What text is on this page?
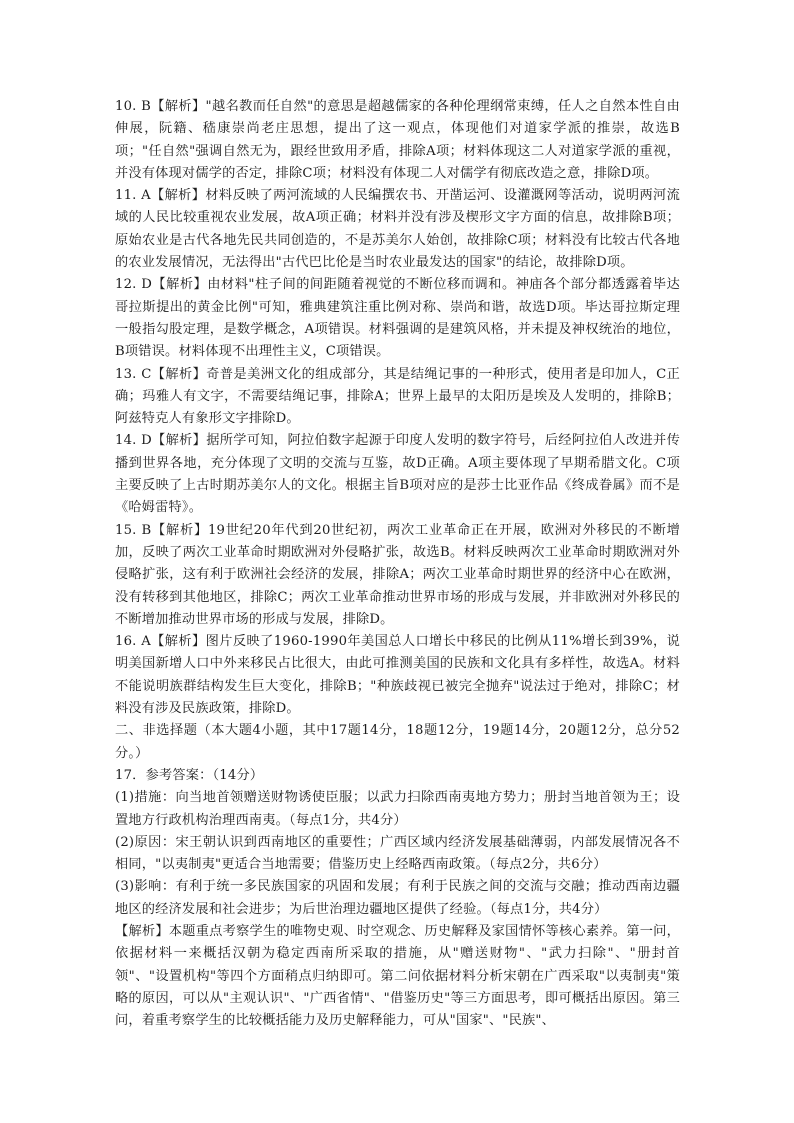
10. B【解析】"越名教而任自然"的意思是超越儒家的各种伦理纲常束缚，任人之自然本性自由伸展，阮籍、嵇康崇尚老庄思想，提出了这一观点，体现他们对道家学派的推崇，故选B项；"任自然"强调自然无为，跟经世致用矛盾，排除A项；材料体现这二人对道家学派的重视，并没有体现对儒学的否定，排除C项；材料没有体现二人对儒学有彻底改造之意，排除D项。

11. A【解析】材料反映了两河流域的人民编撰农书、开凿运河、设灌溉网等活动，说明两河流域的人民比较重视农业发展，故A项正确；材料并没有涉及楔形文字方面的信息，故排除B项；原始农业是古代各地先民共同创造的，不是苏美尔人始创，故排除C项；材料没有比较古代各地的农业发展情况，无法得出"古代巴比伦是当时农业最发达的国家"的结论，故排除D项。

12. D【解析】由材料"柱子间的间距随着视觉的不断位移而调和。神庙各个部分都透露着毕达哥拉斯提出的黄金比例"可知，雅典建筑注重比例对称、崇尚和谐，故选D项。毕达哥拉斯定理一般指勾股定理，是数学概念，A项错误。材料强调的是建筑风格，并未提及神权统治的地位，B项错误。材料体现不出理性主义，C项错误。

13. C【解析】奇普是美洲文化的组成部分，其是结绳记事的一种形式，使用者是印加人，C正确；玛雅人有文字，不需要结绳记事，排除A；世界上最早的太阳历是埃及人发明的，排除B；阿兹特克人有象形文字排除D。

14. D【解析】据所学可知，阿拉伯数字起源于印度人发明的数字符号，后经阿拉伯人改进并传播到世界各地，充分体现了文明的交流与互鉴，故D正确。A项主要体现了早期希腊文化。C项主要反映了上古时期苏美尔人的文化。根据主旨B项对应的是莎士比亚作品《终成眷属》而不是《哈姆雷特》。

15. B【解析】19世纪20年代到20世纪初，两次工业革命正在开展，欧洲对外移民的不断增加，反映了两次工业革命时期欧洲对外侵略扩张，故选B。材料反映两次工业革命时期欧洲对外侵略扩张，这有利于欧洲社会经济的发展，排除A；两次工业革命时期世界的经济中心在欧洲，没有转移到其他地区，排除C；两次工业革命推动世界市场的形成与发展，并非欧洲对外移民的不断增加推动世界市场的形成与发展，排除D。

16. A【解析】图片反映了1960-1990年美国总人口增长中移民的比例从11%增长到39%，说明美国新增人口中外来移民占比很大，由此可推测美国的民族和文化具有多样性，故选A。材料不能说明族群结构发生巨大变化，排除B；"种族歧视已被完全抛弃"说法过于绝对，排除C；材料没有涉及民族政策，排除D。

二、非选择题（本大题4小题，其中17题14分，18题12分，19题14分，20题12分，总分52分。）

17．参考答案：（14分）

(1)措施：向当地首领赠送财物诱使臣服；以武力扫除西南夷地方势力；册封当地首领为王；设置地方行政机构治理西南夷。（每点1分，共4分）

(2)原因：宋王朝认识到西南地区的重要性；广西区域内经济发展基础薄弱，内部发展情况各不相同，"以夷制夷"更适合当地需要；借鉴历史上经略西南政策。（每点2分，共6分）

(3)影响：有利于统一多民族国家的巩固和发展；有利于民族之间的交流与交融；推动西南边疆地区的经济发展和社会进步；为后世治理边疆地区提供了经验。（每点1分，共4分）

【解析】本题重点考察学生的唯物史观、时空观念、历史解释及家国情怀等核心素养。第一问，依据材料一来概括汉朝为稳定西南所采取的措施，从"赠送财物"、"武力扫除"、"册封首领"、"设置机构"等四个方面稍点归纳即可。第二问依据材料分析宋朝在广西采取"以夷制夷"策略的原因，可以从"主观认识"、"广西省情"、"借鉴历史"等三方面思考，即可概括出原因。第三问，着重考察学生的比较概括能力及历史解释能力，可从"国家"、"民族"、
